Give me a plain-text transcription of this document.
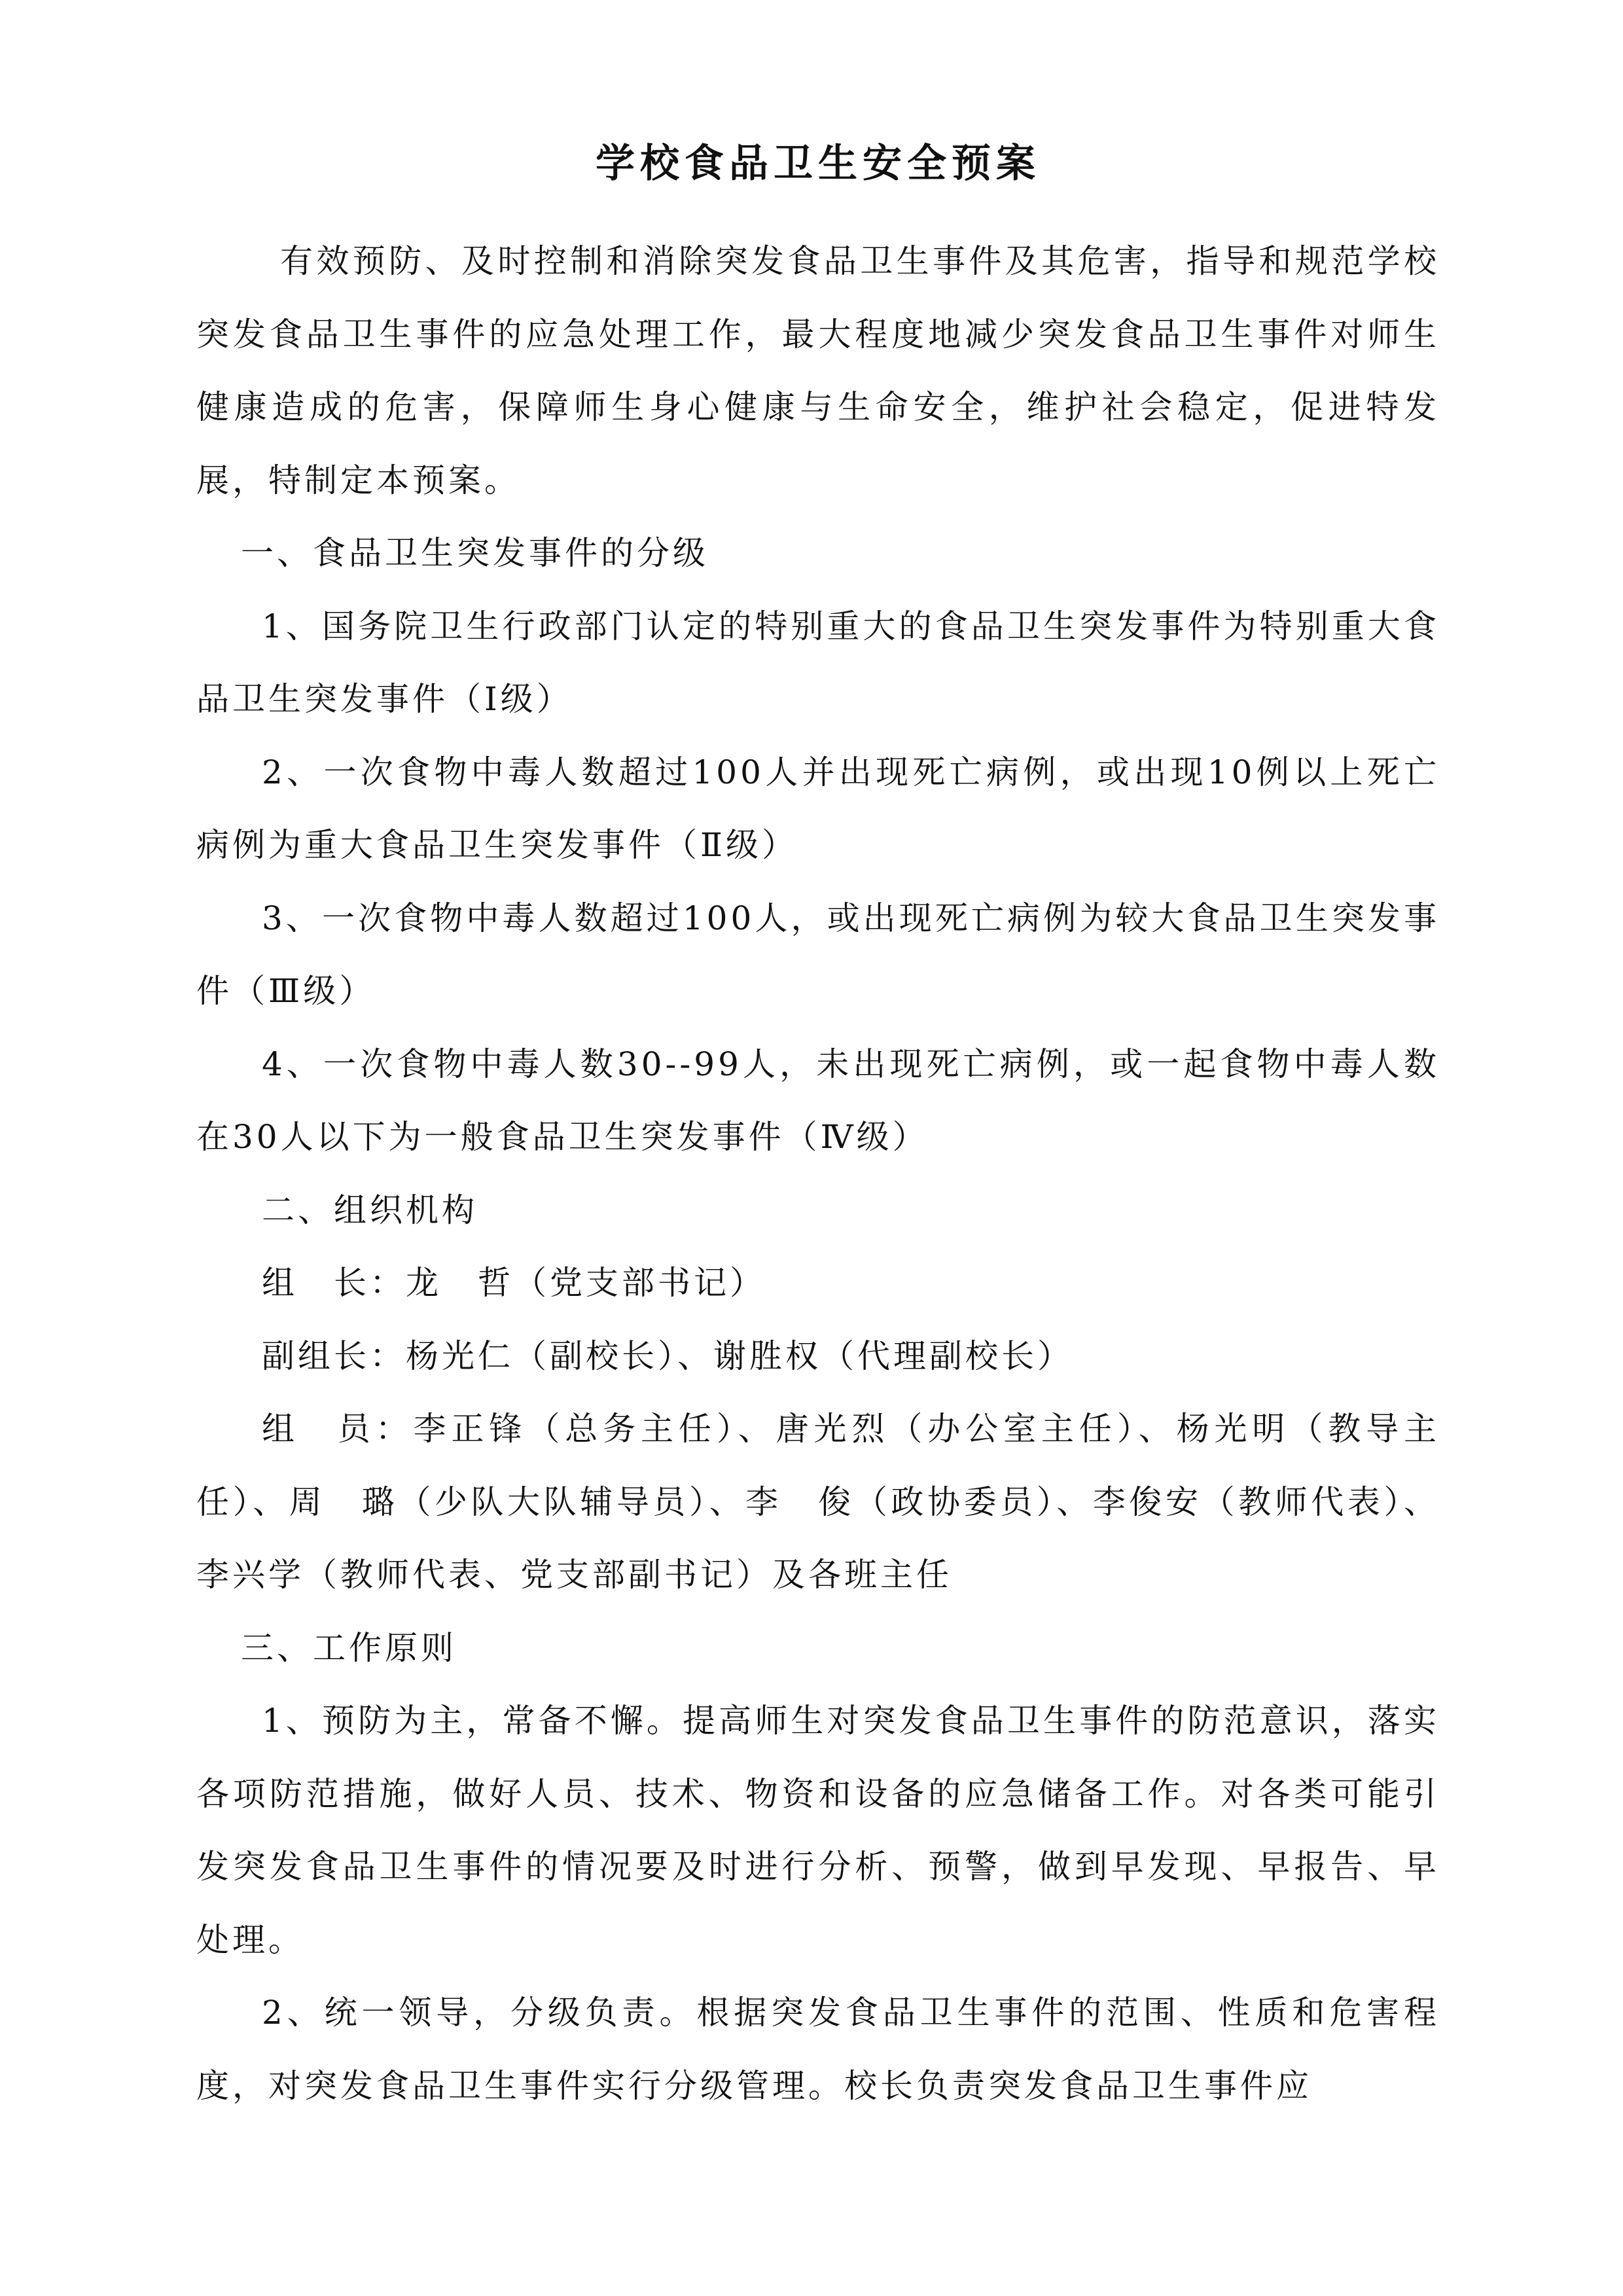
学校食品卫生安全预案

有效预防、及时控制和消除突发食品卫生事件及其危害，指导和规范学校突发食品卫生事件的应急处理工作，最大程度地减少突发食品卫生事件对师生健康造成的危害，保障师生身心健康与生命安全，维护社会稳定，促进特发展，特制定本预案。

一、食品卫生突发事件的分级

1、国务院卫生行政部门认定的特别重大的食品卫生突发事件为特别重大食品卫生突发事件（Ⅰ级）

2、一次食物中毒人数超过100人并出现死亡病例，或出现10例以上死亡病例为重大食品卫生突发事件（Ⅱ级）

3、一次食物中毒人数超过100人，或出现死亡病例为较大食品卫生突发事件（Ⅲ级）

4、一次食物中毒人数30--99人，未出现死亡病例，或一起食物中毒人数在30人以下为一般食品卫生突发事件（Ⅳ级）

二、组织机构

组　长：龙　哲（党支部书记）

副组长：杨光仁（副校长）、谢胜权（代理副校长）

组　员：李正锋（总务主任）、唐光烈（办公室主任）、杨光明（教导主任）、周　璐（少队大队辅导员）、李　俊（政协委员）、李俊安（教师代表）、李兴学（教师代表、党支部副书记）及各班主任

三、工作原则

1、预防为主，常备不懈。提高师生对突发食品卫生事件的防范意识，落实各项防范措施，做好人员、技术、物资和设备的应急储备工作。对各类可能引发突发食品卫生事件的情况要及时进行分析、预警，做到早发现、早报告、早处理。

2、统一领导，分级负责。根据突发食品卫生事件的范围、性质和危害程度，对突发食品卫生事件实行分级管理。校长负责突发食品卫生事件应
